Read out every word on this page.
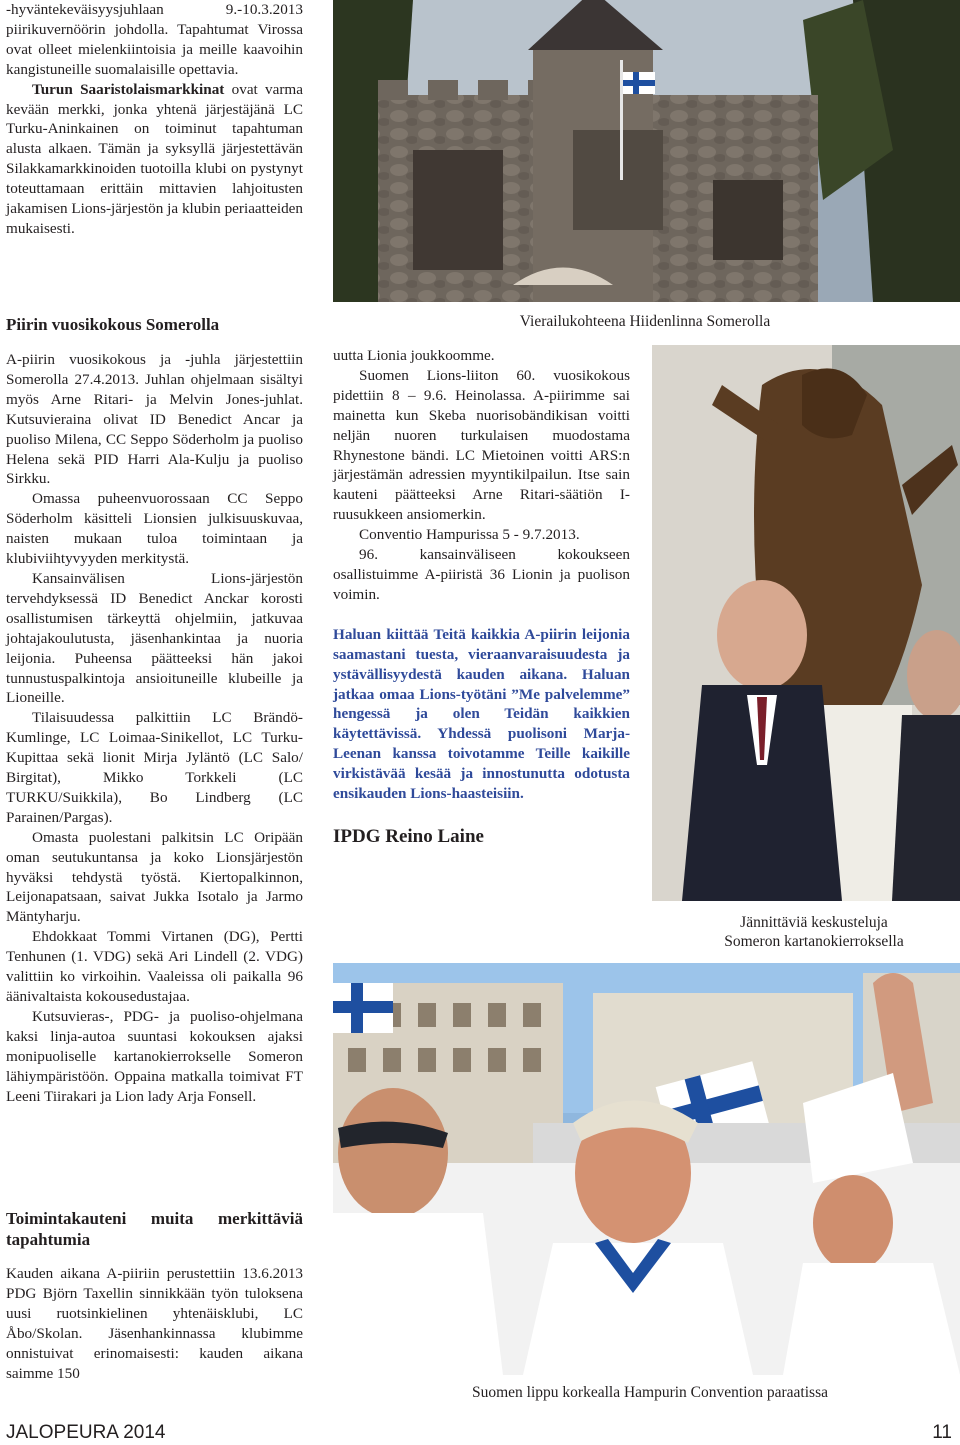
-hyväntekeväisyysjuhlaan 9.-10.3.2013 piirikuvernöörin johdolla. Tapahtumat Virossa ovat olleet mielenkiintoisia ja meille kaavoihin kangistuneille suomalaisille opettavia.

Turun Saaristolaismarkkinat ovat varma kevään merkki, jonka yhtenä järjestäjänä LC Turku-Aninkainen on toiminut tapahtuman alusta alkaen. Tämän ja syksyllä järjestettävän Silakkamarkkinoiden tuotoilla klubi on pystynyt toteuttamaan erittäin mittavien lahjoitusten jakamisen Lions-järjestön ja klubin periaatteiden mukaisesti.

Piirin vuosikokous Somerolla

A-piirin vuosikokous ja -juhla järjestettiin Somerolla 27.4.2013. Juhlan ohjelmaan sisältyi myös Arne Ritari- ja Melvin Jones-juhlat. Kutsuvieraina olivat ID Benedict Ancar ja puoliso Milena, CC Seppo Söderholm ja puoliso Helena sekä PID Harri Ala-Kulju ja puoliso Sirkku.

Omassa puheenvuorossaan CC Seppo Söderholm käsitteli Lionsien julkisuuskuvaa, naisten mukaan tuloa toimintaan ja klubiviihtyvyyden merkitystä.

Kansainvälisen Lions-järjestön tervehdyksessä ID Benedict Anckar korosti osallistumisen tärkeyttä ohjelmiin, jatkuvaa johtajakoulutusta, jäsenhankintaa ja nuoria leijonia. Puheensa päätteeksi hän jakoi tunnustuspalkintoja ansioituneille klubeille ja Lioneille.

Tilaisuudessa palkittiin LC Brändö-Kumlinge, LC Loimaa-Sinikellot, LC Turku-Kupittaa sekä lionit Mirja Jyläntö (LC Salo/ Birgitat), Mikko Torkkeli (LC TURKU/Suikkila), Bo Lindberg (LC Parainen/Pargas).

Omasta puolestani palkitsin LC Oripään oman seutukuntansa ja koko Lionsjärjestön hyväksi tehdystä työstä. Kiertopalkinnon, Leijonapatsaan, saivat Jukka Isotalo ja Jarmo Mäntyharju.

Ehdokkaat Tommi Virtanen (DG), Pertti Tenhunen (1. VDG) sekä Ari Lindell (2. VDG) valittiin ko virkoihin. Vaaleissa oli paikalla 96 äänivaltaista kokousedustajaa.

Kutsuvieras-, PDG- ja puoliso-ohjelmana kaksi linja-autoa suuntasi kokouksen ajaksi monipuoliselle kartanokierrokselle Someron lähiympäristöön. Oppaina matkalla toimivat FT Leeni Tiirakari ja Lion lady Arja Fonsell.

Toimintakauteni muita merkittäviä tapahtumia

Kauden aikana A-piiriin perustettiin 13.6.2013 PDG Björn Taxellin sinnikkään työn tuloksena uusi ruotsinkielinen yhtenäisklubi, LC Åbo/Skolan. Jäsenhankinnassa klubimme onnistuivat erinomaisesti: kauden aikana saimme 150

Vierailukohteena Hiidenlinna Somerolla

uutta Lionia joukkoomme.

Suomen Lions-liiton 60. vuosikokous pidettiin 8 – 9.6. Heinolassa. A-piirimme sai mainetta kun Skeba nuorisobändikisan voitti neljän nuoren turkulaisen muodostama Rhynestone bändi. LC Mietoinen voitti ARS:n järjestämän adressien myyntikilpailun. Itse sain kauteni päätteeksi Arne Ritari-säätiön I-ruusukkeen ansiomerkin.

Conventio Hampurissa 5 - 9.7.2013.

96. kansainväliseen kokoukseen osallistuimme A-piiristä 36 Lionin ja puolison voimin.

Haluan kiittää Teitä kaikkia A-piirin leijonia saamastani tuesta, vieraanvaraisuudesta ja ystävällisyydestä kauden aikana. Haluan jatkaa omaa Lions-työtäni ”Me palvelemme” hengessä ja olen Teidän kaikkien käytettävissä. Yhdessä puolisoni Marja-Leenan kanssa toivotamme Teille kaikille virkistävää kesää ja innostunutta odotusta ensikauden Lions-haasteisiin.

IPDG Reino Laine
Jännittäviä keskusteluja
Someron kartanokierroksella
Suomen lippu korkealla Hampurin Convention paraatissa
JALOPEURA 2014	11
